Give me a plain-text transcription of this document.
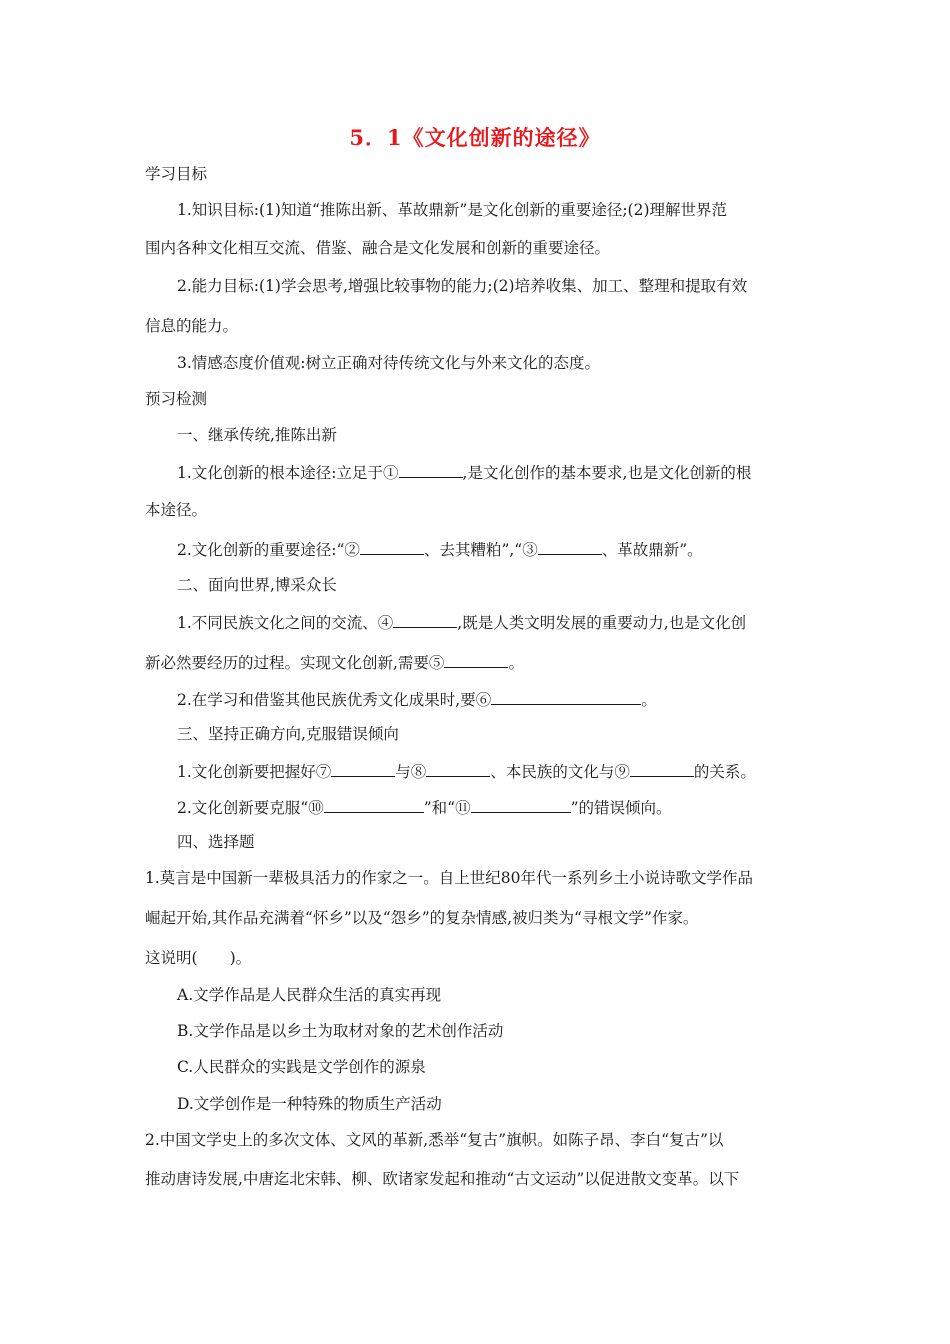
5．1《文化创新的途径》
学习目标
1.知识目标:(1)知道“推陈出新、革故鼎新”是文化创新的重要途径;(2)理解世界范
围内各种文化相互交流、借鉴、融合是文化发展和创新的重要途径。
2.能力目标:(1)学会思考,增强比较事物的能力;(2)培养收集、加工、整理和提取有效
信息的能力。
3.情感态度价值观:树立正确对待传统文化与外来文化的态度。
预习检测
一、继承传统,推陈出新
1.文化创新的根本途径:立足于①	,是文化创作的基本要求,也是文化创新的根
本途径。
2.文化创新的重要途径:“②	、去其糟粕”,“③	、革故鼎新”。
二、面向世界,博采众长
1.不同民族文化之间的交流、④	,既是人类文明发展的重要动力,也是文化创
新必然要经历的过程。实现文化创新,需要⑤	。
2.在学习和借鉴其他民族优秀文化成果时,要⑥	。
三、坚持正确方向,克服错误倾向
1.文化创新要把握好⑦	与⑧	、本民族的文化与⑨	的关系。
2.文化创新要克服“⑩	”和“⑪	”的错误倾向。
四、选择题
1.莫言是中国新一辈极具活力的作家之一。自上世纪80年代一系列乡土小说诗歌文学作品
崛起开始,其作品充满着“怀乡”以及“怨乡”的复杂情感,被归类为“寻根文学”作家。
这说明( )。
A.文学作品是人民群众生活的真实再现
B.文学作品是以乡土为取材对象的艺术创作活动
C.人民群众的实践是文学创作的源泉
D.文学创作是一种特殊的物质生产活动
2.中国文学史上的多次文体、文风的革新,悉举“复古”旗帜。如陈子昂、李白“复古”以
推动唐诗发展,中唐迄北宋韩、柳、欧诸家发起和推动“古文运动”以促进散文变革。以下
